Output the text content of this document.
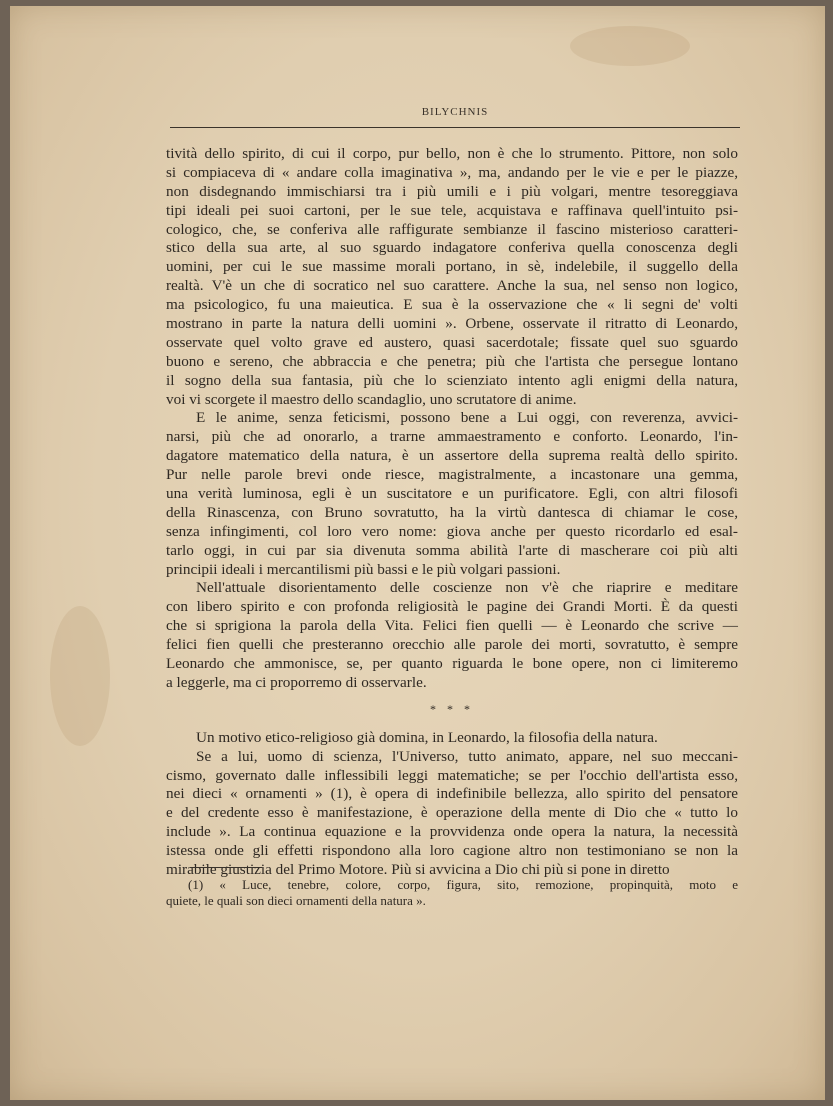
BILYCHNIS
tività dello spirito, di cui il corpo, pur bello, non è che lo strumento. Pittore, non solo
si compiaceva di « andare colla imaginativa », ma, andando per le vie e per le piazze,
non disdegnando immischiarsi tra i più umili e i più volgari, mentre tesoreggiava
tipi ideali pei suoi cartoni, per le sue tele, acquistava e raffinava quell'intuito psi-
cologico, che, se conferiva alle raffigurate sembianze il fascino misterioso caratteri-
stico della sua arte, al suo sguardo indagatore conferiva quella conoscenza degli
uomini, per cui le sue massime morali portano, in sè, indelebile, il suggello della
realtà. V'è un che di socratico nel suo carattere. Anche la sua, nel senso non logico,
ma psicologico, fu una maieutica. E sua è la osservazione che « li segni de' volti
mostrano in parte la natura delli uomini ». Orbene, osservate il ritratto di Leonardo,
osservate quel volto grave ed austero, quasi sacerdotale; fissate quel suo sguardo
buono e sereno, che abbraccia e che penetra; più che l'artista che persegue lontano
il sogno della sua fantasia, più che lo scienziato intento agli enigmi della natura,
voi vi scorgete il maestro dello scandaglio, uno scrutatore di anime.
E le anime, senza feticismi, possono bene a Lui oggi, con reverenza, avvici-
narsi, più che ad onorarlo, a trarne ammaestramento e conforto. Leonardo, l'in-
dagatore matematico della natura, è un assertore della suprema realtà dello spirito.
Pur nelle parole brevi onde riesce, magistralmente, a incastonare una gemma,
una verità luminosa, egli è un suscitatore e un purificatore. Egli, con altri filosofi
della Rinascenza, con Bruno sovratutto, ha la virtù dantesca di chiamar le cose,
senza infingimenti, col loro vero nome: giova anche per questo ricordarlo ed esal-
tarlo oggi, in cui par sia divenuta somma abilità l'arte di mascherare coi più alti
principii ideali i mercantilismi più bassi e le più volgari passioni.
Nell'attuale disorientamento delle coscienze non v'è che riaprire e meditare
con libero spirito e con profonda religiosità le pagine dei Grandi Morti. È da questi
che si sprigiona la parola della Vita. Felici fien quelli — è Leonardo che scrive —
felici fien quelli che presteranno orecchio alle parole dei morti, sovratutto, è sempre
Leonardo che ammonisce, se, per quanto riguarda le bone opere, non ci limiteremo
a leggerle, ma ci proporremo di osservarle.
* * *
Un motivo etico-religioso già domina, in Leonardo, la filosofia della natura.
Se a lui, uomo di scienza, l'Universo, tutto animato, appare, nel suo meccani-
cismo, governato dalle inflessibili leggi matematiche; se per l'occhio dell'artista esso,
nei dieci « ornamenti » (1), è opera di indefinibile bellezza, allo spirito del pensatore
e del credente esso è manifestazione, è operazione della mente di Dio che « tutto lo
include ». La continua equazione e la provvidenza onde opera la natura, la necessità
istessa onde gli effetti rispondono alla loro cagione altro non testimoniano se non la
mirabile giustizia del Primo Motore. Più si avvicina a Dio chi più si pone in diretto
(1) « Luce, tenebre, colore, corpo, figura, sito, remozione, propinquità, moto e
quiete, le quali son dieci ornamenti della natura ».
